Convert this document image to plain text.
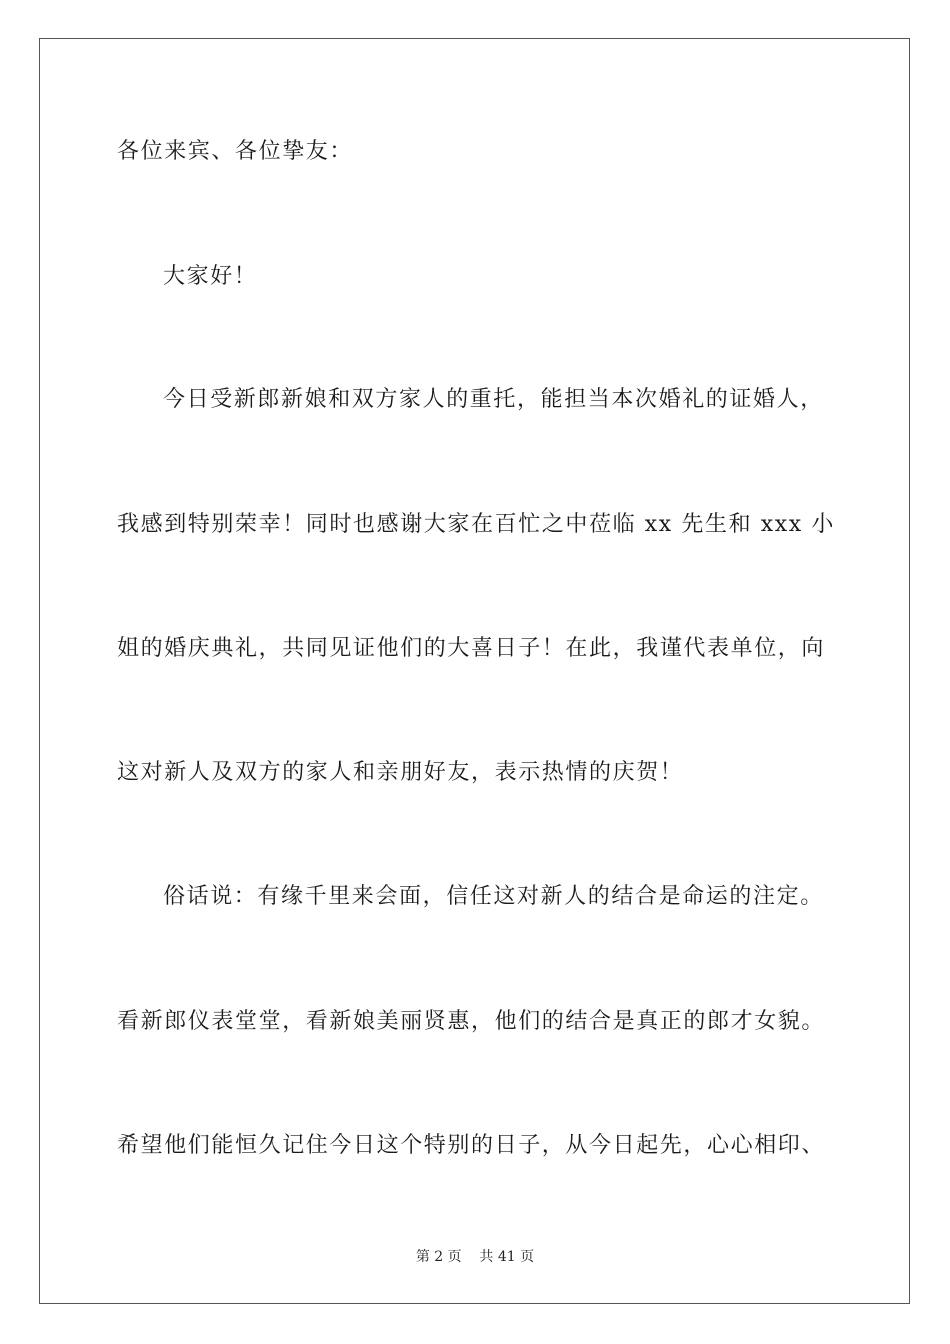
各位来宾、各位挚友：
大家好！
今日受新郎新娘和双方家人的重托，能担当本次婚礼的证婚人，
我感到特别荣幸！同时也感谢大家在百忙之中莅临 xx 先生和 xxx 小
姐的婚庆典礼，共同见证他们的大喜日子！在此，我谨代表单位，向
这对新人及双方的家人和亲朋好友，表示热情的庆贺！
俗话说：有缘千里来会面，信任这对新人的结合是命运的注定。
看新郎仪表堂堂，看新娘美丽贤惠，他们的结合是真正的郎才女貌。
希望他们能恒久记住今日这个特别的日子，从今日起先，心心相印、
第 2 页    共 41 页
